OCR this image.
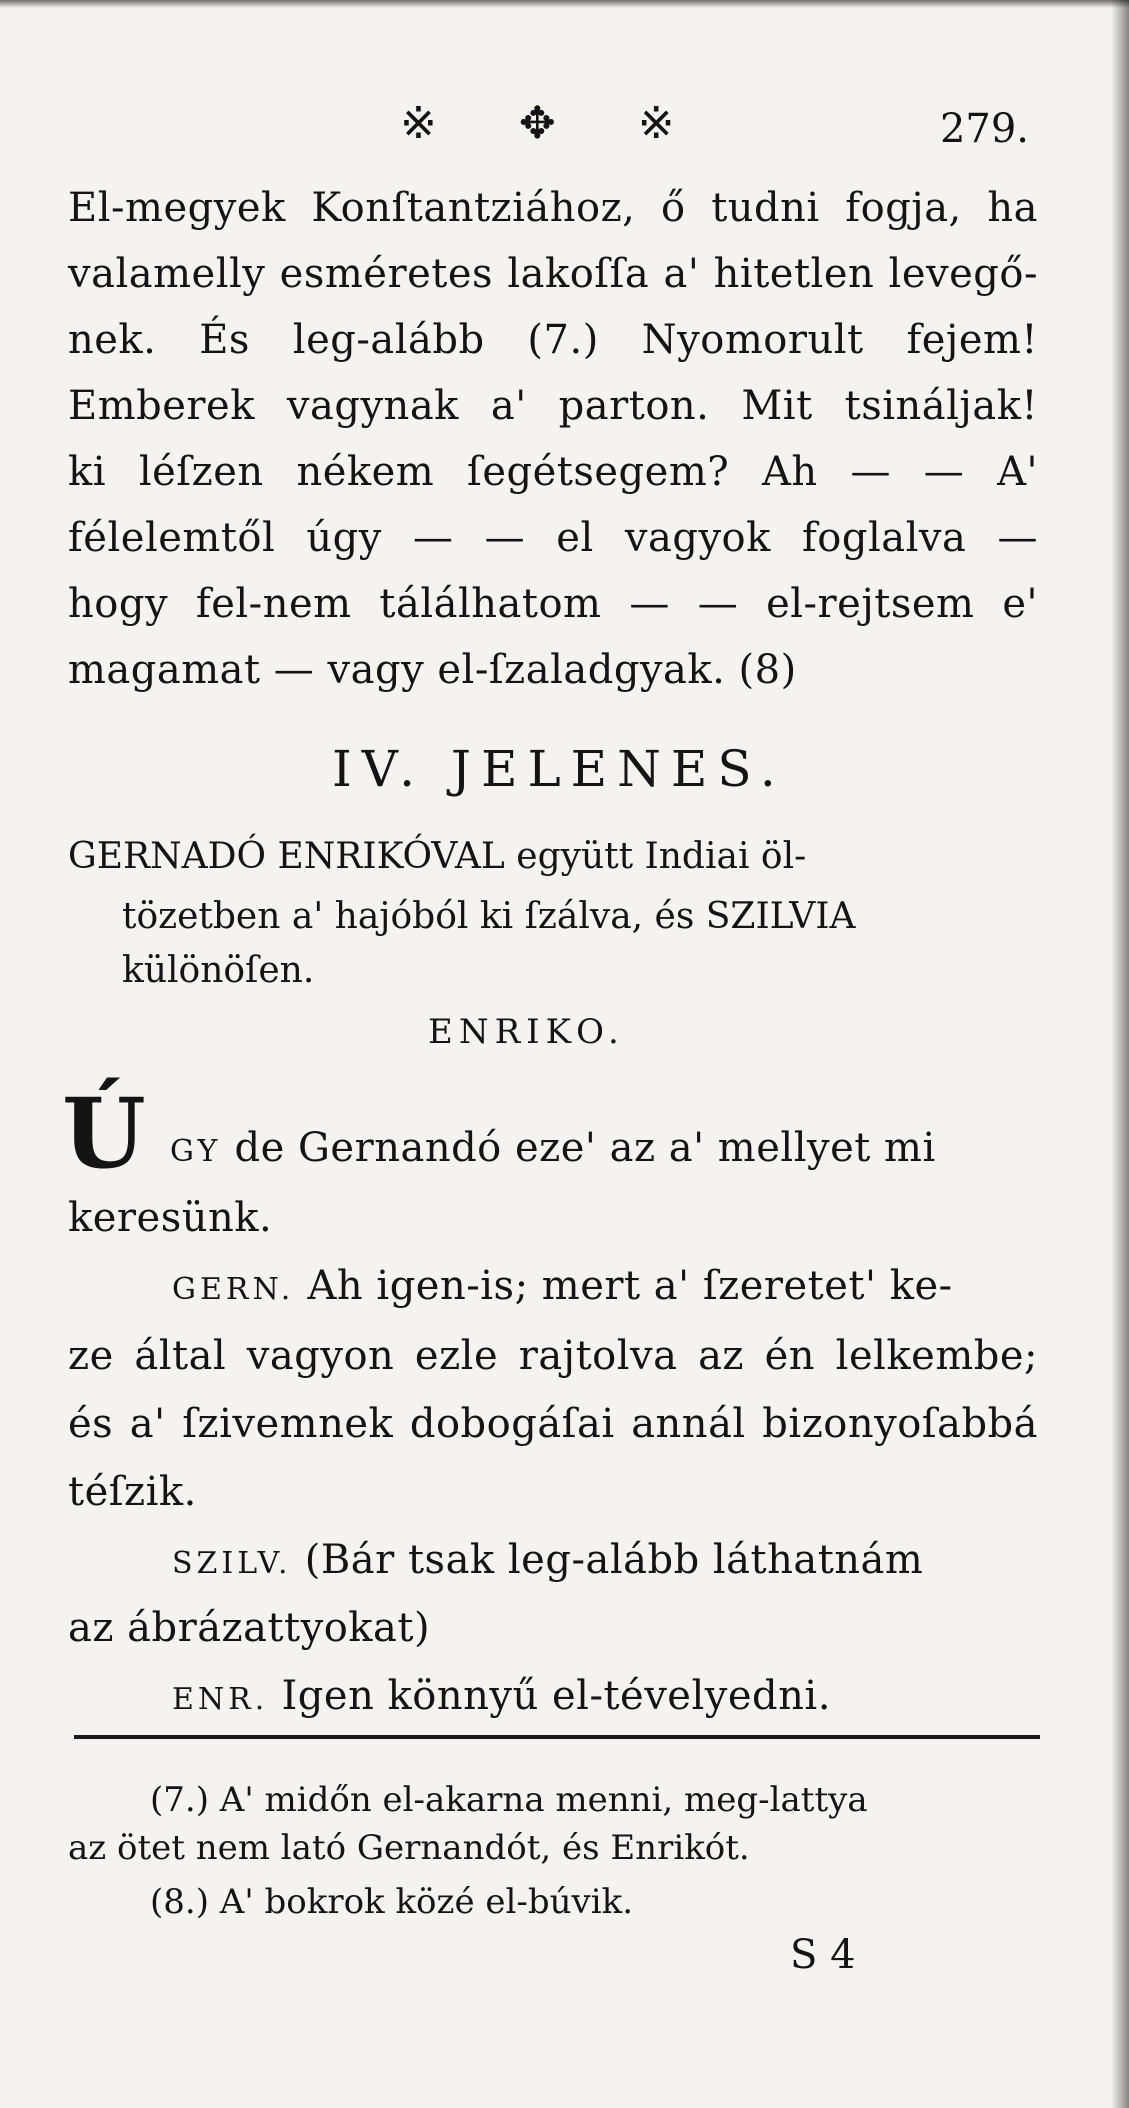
※ ✥ ※	279.
El-megyek Konſtantziához, ő tudni fogja, ha
valamelly esméretes lakoſſa a' hitetlen levegő-
nek. És leg-alább (7.) Nyomorult fejem!
Emberek vagynak a' parton. Mit tsináljak!
ki léſzen nékem ſegétsegem? Ah — — A'
félelemtől úgy — — el vagyok foglalva —
hogy fel-nem tálálhatom — — el-rejtsem e'
magamat — vagy el-ſzaladgyak. (8)
IV. JELENES.
GERNADÓ ENRIKÓVAL együtt Indiai öl-
tözetben a' hajóból ki ſzálva, és SZILVIA
különöſen.
ENRIKO.
Ú GY de Gernandó eze' az a' mellyet mi
keresünk.
GERN. Ah igen-is; mert a' ſzeretet' ke-
ze által vagyon ezle rajtolva az én lelkembe;
és a' ſzivemnek dobogáſai annál bizonyoſabbá
téſzik.
SZILV. (Bár tsak leg-alább láthatnám
az ábrázattyokat)
ENR. Igen könnyű el-tévelyedni.
(7.) A' midőn el-akarna menni, meg-lattya
az ötet nem lató Gernandót, és Enrikót.
(8.) A' bokrok közé el-búvik.
S 4
